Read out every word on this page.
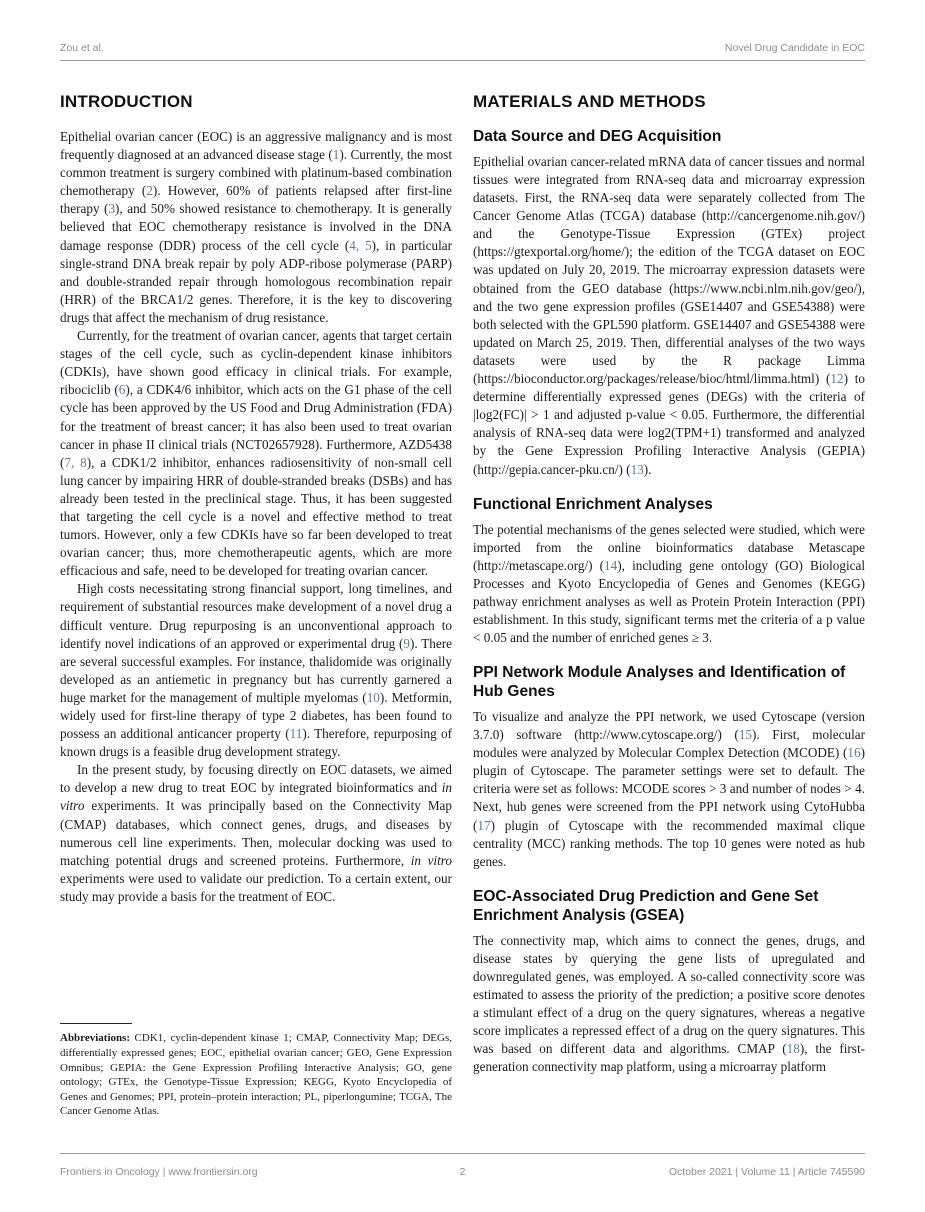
Zou et al.	Novel Drug Candidate in EOC
INTRODUCTION

Epithelial ovarian cancer (EOC) is an aggressive malignancy and is most frequently diagnosed at an advanced disease stage (1). Currently, the most common treatment is surgery combined with platinum-based combination chemotherapy (2). However, 60% of patients relapsed after first-line therapy (3), and 50% showed resistance to chemotherapy. It is generally believed that EOC chemotherapy resistance is involved in the DNA damage response (DDR) process of the cell cycle (4, 5), in particular single-strand DNA break repair by poly ADP-ribose polymerase (PARP) and double-stranded repair through homologous recombination repair (HRR) of the BRCA1/2 genes. Therefore, it is the key to discovering drugs that affect the mechanism of drug resistance.

Currently, for the treatment of ovarian cancer, agents that target certain stages of the cell cycle, such as cyclin-dependent kinase inhibitors (CDKIs), have shown good efficacy in clinical trials. For example, ribociclib (6), a CDK4/6 inhibitor, which acts on the G1 phase of the cell cycle has been approved by the US Food and Drug Administration (FDA) for the treatment of breast cancer; it has also been used to treat ovarian cancer in phase II clinical trials (NCT02657928). Furthermore, AZD5438 (7, 8), a CDK1/2 inhibitor, enhances radiosensitivity of non-small cell lung cancer by impairing HRR of double-stranded breaks (DSBs) and has already been tested in the preclinical stage. Thus, it has been suggested that targeting the cell cycle is a novel and effective method to treat tumors. However, only a few CDKIs have so far been developed to treat ovarian cancer; thus, more chemotherapeutic agents, which are more efficacious and safe, need to be developed for treating ovarian cancer.

High costs necessitating strong financial support, long timelines, and requirement of substantial resources make development of a novel drug a difficult venture. Drug repurposing is an unconventional approach to identify novel indications of an approved or experimental drug (9). There are several successful examples. For instance, thalidomide was originally developed as an antiemetic in pregnancy but has currently garnered a huge market for the management of multiple myelomas (10). Metformin, widely used for first-line therapy of type 2 diabetes, has been found to possess an additional anticancer property (11). Therefore, repurposing of known drugs is a feasible drug development strategy.

In the present study, by focusing directly on EOC datasets, we aimed to develop a new drug to treat EOC by integrated bioinformatics and in vitro experiments. It was principally based on the Connectivity Map (CMAP) databases, which connect genes, drugs, and diseases by numerous cell line experiments. Then, molecular docking was used to matching potential drugs and screened proteins. Furthermore, in vitro experiments were used to validate our prediction. To a certain extent, our study may provide a basis for the treatment of EOC.

Abbreviations: CDK1, cyclin-dependent kinase 1; CMAP, Connectivity Map; DEGs, differentially expressed genes; EOC, epithelial ovarian cancer; GEO, Gene Expression Omnibus; GEPIA: the Gene Expression Profiling Interactive Analysis; GO, gene ontology; GTEx, the Genotype-Tissue Expression; KEGG, Kyoto Encyclopedia of Genes and Genomes; PPI, protein–protein interaction; PL, piperlongumine; TCGA, The Cancer Genome Atlas.

MATERIALS AND METHODS
Data Source and DEG Acquisition

Epithelial ovarian cancer-related mRNA data of cancer tissues and normal tissues were integrated from RNA-seq data and microarray expression datasets. First, the RNA-seq data were separately collected from The Cancer Genome Atlas (TCGA) database (http://cancergenome.nih.gov/) and the Genotype-Tissue Expression (GTEx) project (https://gtexportal.org/home/); the edition of the TCGA dataset on EOC was updated on July 20, 2019. The microarray expression datasets were obtained from the GEO database (https://www.ncbi.nlm.nih.gov/geo/), and the two gene expression profiles (GSE14407 and GSE54388) were both selected with the GPL590 platform. GSE14407 and GSE54388 were updated on March 25, 2019. Then, differential analyses of the two ways datasets were used by the R package Limma (https://bioconductor.org/packages/release/bioc/html/limma.html) (12) to determine differentially expressed genes (DEGs) with the criteria of |log2(FC)| > 1 and adjusted p-value < 0.05. Furthermore, the differential analysis of RNA-seq data were log2(TPM+1) transformed and analyzed by the Gene Expression Profiling Interactive Analysis (GEPIA) (http://gepia.cancer-pku.cn/) (13).

Functional Enrichment Analyses

The potential mechanisms of the genes selected were studied, which were imported from the online bioinformatics database Metascape (http://metascape.org/) (14), including gene ontology (GO) Biological Processes and Kyoto Encyclopedia of Genes and Genomes (KEGG) pathway enrichment analyses as well as Protein Protein Interaction (PPI) establishment. In this study, significant terms met the criteria of a p value < 0.05 and the number of enriched genes ≥ 3.

PPI Network Module Analyses and Identification of Hub Genes

To visualize and analyze the PPI network, we used Cytoscape (version 3.7.0) software (http://www.cytoscape.org/) (15). First, molecular modules were analyzed by Molecular Complex Detection (MCODE) (16) plugin of Cytoscape. The parameter settings were set to default. The criteria were set as follows: MCODE scores > 3 and number of nodes > 4. Next, hub genes were screened from the PPI network using CytoHubba (17) plugin of Cytoscape with the recommended maximal clique centrality (MCC) ranking methods. The top 10 genes were noted as hub genes.

EOC-Associated Drug Prediction and Gene Set Enrichment Analysis (GSEA)

The connectivity map, which aims to connect the genes, drugs, and disease states by querying the gene lists of upregulated and downregulated genes, was employed. A so-called connectivity score was estimated to assess the priority of the prediction; a positive score denotes a stimulant effect of a drug on the query signatures, whereas a negative score implicates a repressed effect of a drug on the query signatures. This was based on different data and algorithms. CMAP (18), the first-generation connectivity map platform, using a microarray platform

Frontiers in Oncology | www.frontiersin.org	2	October 2021 | Volume 11 | Article 745590
